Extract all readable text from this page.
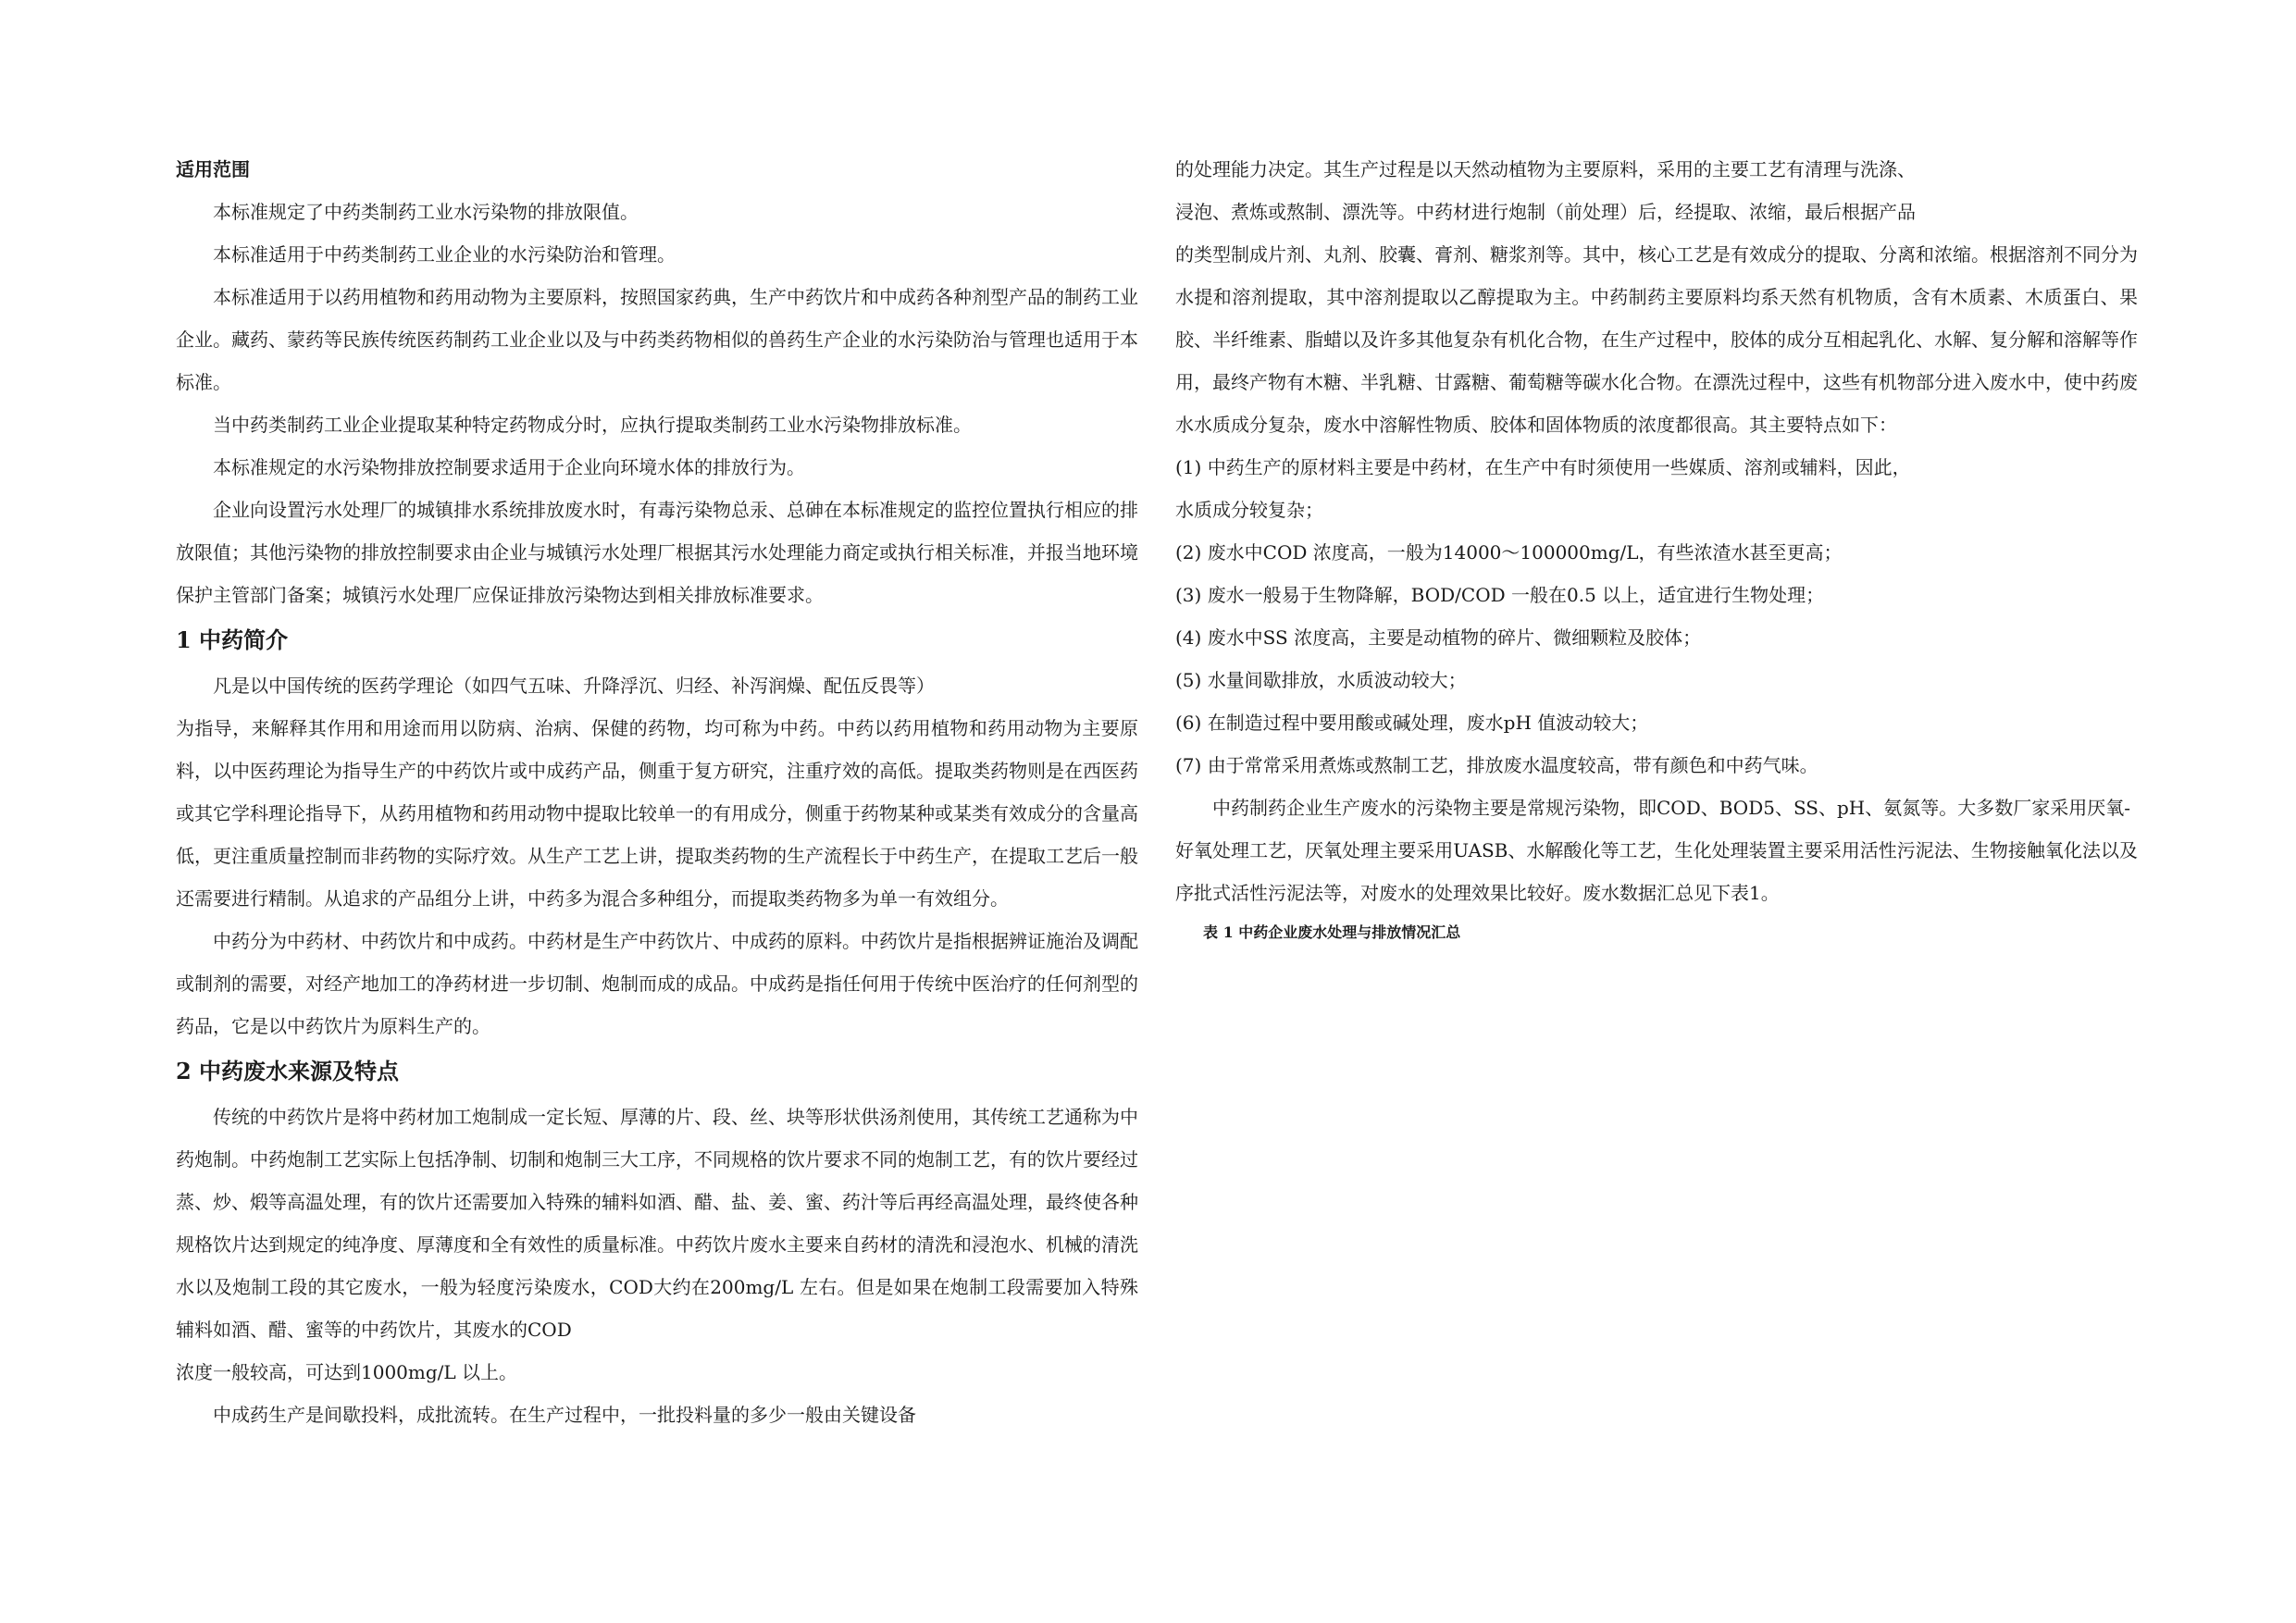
适用范围

本标准规定了中药类制药工业水污染物的排放限值。

本标准适用于中药类制药工业企业的水污染防治和管理。

本标准适用于以药用植物和药用动物为主要原料，按照国家药典，生产中药饮片和中成药各种剂型产品的制药工业企业。藏药、蒙药等民族传统医药制药工业企业以及与中药类药物相似的兽药生产企业的水污染防治与管理也适用于本标准。

当中药类制药工业企业提取某种特定药物成分时，应执行提取类制药工业水污染物排放标准。

本标准规定的水污染物排放控制要求适用于企业向环境水体的排放行为。

企业向设置污水处理厂的城镇排水系统排放废水时，有毒污染物总汞、总砷在本标准规定的监控位置执行相应的排放限值；其他污染物的排放控制要求由企业与城镇污水处理厂根据其污水处理能力商定或执行相关标准，并报当地环境保护主管部门备案；城镇污水处理厂应保证排放污染物达到相关排放标准要求。

1 中药简介

凡是以中国传统的医药学理论（如四气五味、升降浮沉、归经、补泻润燥、配伍反畏等）

为指导，来解释其作用和用途而用以防病、治病、保健的药物，均可称为中药。中药以药用植物和药用动物为主要原料，以中医药理论为指导生产的中药饮片或中成药产品，侧重于复方研究，注重疗效的高低。提取类药物则是在西医药或其它学科理论指导下，从药用植物和药用动物中提取比较单一的有用成分，侧重于药物某种或某类有效成分的含量高低，更注重质量控制而非药物的实际疗效。从生产工艺上讲，提取类药物的生产流程长于中药生产，在提取工艺后一般还需要进行精制。从追求的产品组分上讲，中药多为混合多种组分，而提取类药物多为单一有效组分。

中药分为中药材、中药饮片和中成药。中药材是生产中药饮片、中成药的原料。中药饮片是指根据辨证施治及调配或制剂的需要，对经产地加工的净药材进一步切制、炮制而成的成品。中成药是指任何用于传统中医治疗的任何剂型的药品，它是以中药饮片为原料生产的。

2 中药废水来源及特点

传统的中药饮片是将中药材加工炮制成一定长短、厚薄的片、段、丝、块等形状供汤剂使用，其传统工艺通称为中药炮制。中药炮制工艺实际上包括净制、切制和炮制三大工序，不同规格的饮片要求不同的炮制工艺，有的饮片要经过蒸、炒、煅等高温处理，有的饮片还需要加入特殊的辅料如酒、醋、盐、姜、蜜、药汁等后再经高温处理，最终使各种规格饮片达到规定的纯净度、厚薄度和全有效性的质量标准。中药饮片废水主要来自药材的清洗和浸泡水、机械的清洗水以及炮制工段的其它废水，一般为轻度污染废水，COD大约在200mg/L 左右。但是如果在炮制工段需要加入特殊辅料如酒、醋、蜜等的中药饮片，其废水的COD

浓度一般较高，可达到1000mg/L 以上。

中成药生产是间歇投料，成批流转。在生产过程中，一批投料量的多少一般由关键设备

的处理能力决定。其生产过程是以天然动植物为主要原料，采用的主要工艺有清理与洗涤、

浸泡、煮炼或熬制、漂洗等。中药材进行炮制（前处理）后，经提取、浓缩，最后根据产品

的类型制成片剂、丸剂、胶囊、膏剂、糖浆剂等。其中，核心工艺是有效成分的提取、分离和浓缩。根据溶剂不同分为水提和溶剂提取，其中溶剂提取以乙醇提取为主。中药制药主要原料均系天然有机物质，含有木质素、木质蛋白、果胶、半纤维素、脂蜡以及许多其他复杂有机化合物，在生产过程中，胶体的成分互相起乳化、水解、复分解和溶解等作用，最终产物有木糖、半乳糖、甘露糖、葡萄糖等碳水化合物。在漂洗过程中，这些有机物部分进入废水中，使中药废水水质成分复杂，废水中溶解性物质、胶体和固体物质的浓度都很高。其主要特点如下：

(1) 中药生产的原材料主要是中药材，在生产中有时须使用一些媒质、溶剂或辅料，因此，

水质成分较复杂；

(2) 废水中COD 浓度高，一般为14000～100000mg/L，有些浓渣水甚至更高；

(3) 废水一般易于生物降解，BOD/COD 一般在0.5 以上，适宜进行生物处理；

(4) 废水中SS 浓度高，主要是动植物的碎片、微细颗粒及胶体；

(5) 水量间歇排放，水质波动较大；

(6) 在制造过程中要用酸或碱处理，废水pH 值波动较大；

(7) 由于常常采用煮炼或熬制工艺，排放废水温度较高，带有颜色和中药气味。

中药制药企业生产废水的污染物主要是常规污染物，即COD、BOD5、SS、pH、氨氮等。大多数厂家采用厌氧-

好氧处理工艺，厌氧处理主要采用UASB、水解酸化等工艺，生化处理装置主要采用活性污泥法、生物接触氧化法以及序批式活性污泥法等，对废水的处理效果比较好。废水数据汇总见下表1。

表 1 中药企业废水处理与排放情况汇总
